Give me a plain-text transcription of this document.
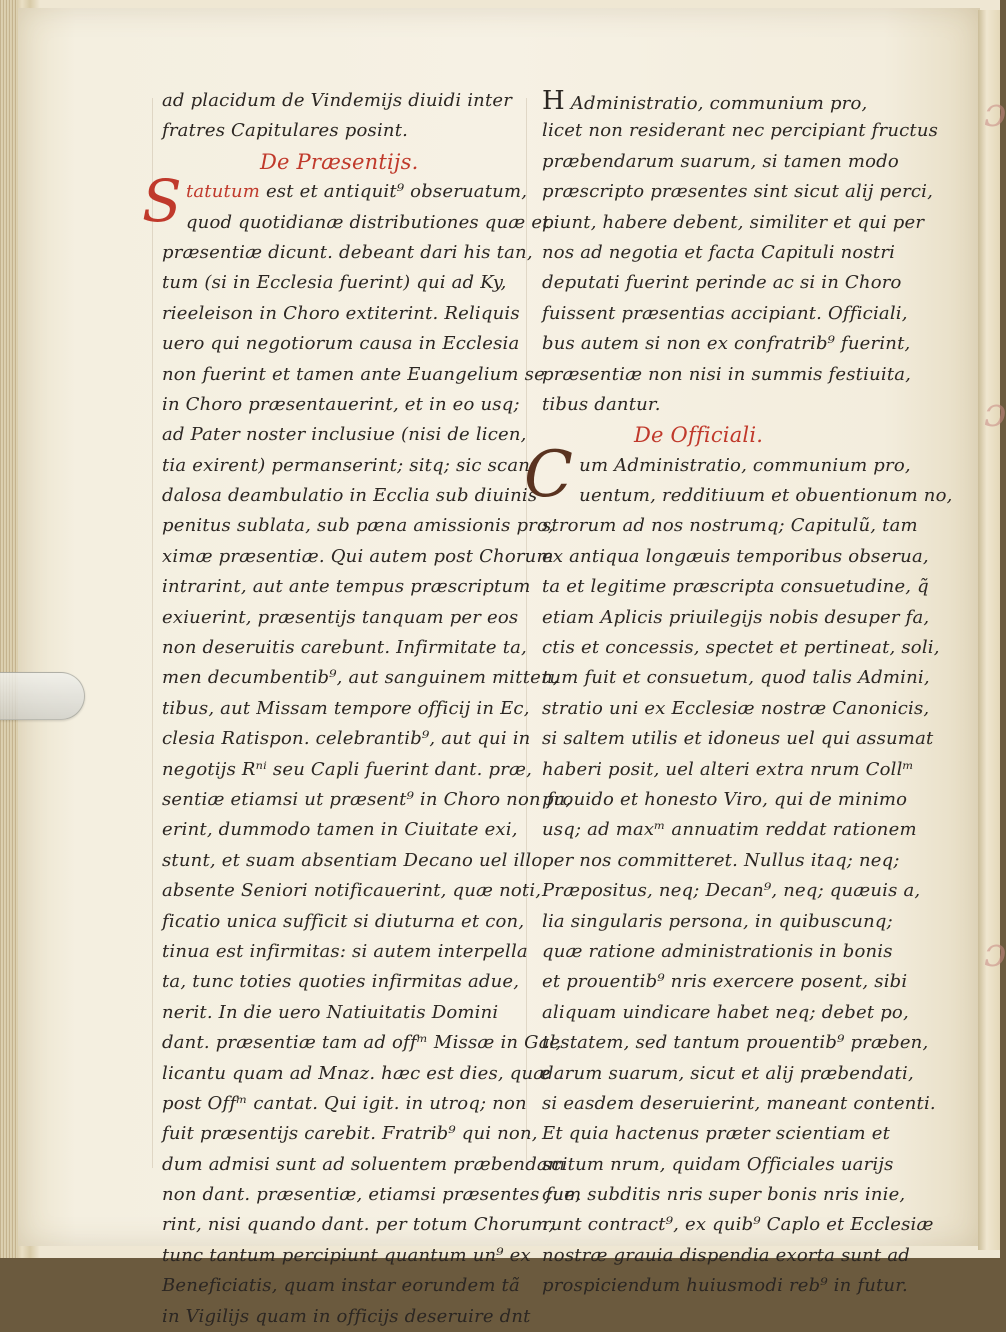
ɔ
ɔ
ɔ
ad placidum de Vindemijs diuidi inter
fratres Capitulares posint.
De Præsentijs.
Statutum est et antiquit⁹ obseruatum,
quod quotidianæ distributiones quæ et
præsentiæ dicunt. debeant dari his tan,
tum (si in Ecclesia fuerint) qui ad Ky,
rieeleison in Choro extiterint. Reliquis
uero qui negotiorum causa in Ecclesia
non fuerint et tamen ante Euangelium se
in Choro præsentauerint, et in eo usq;
ad Pater noster inclusiue (nisi de licen,
tia exirent) permanserint; sitq; sic scan,
dalosa deambulatio in Ecclia sub diuinis
penitus sublata, sub pæna amissionis pro,
ximæ præsentiæ. Qui autem post Chorum
intrarint, aut ante tempus præscriptum
exiuerint, præsentijs tanquam per eos
non deseruitis carebunt. Infirmitate ta,
men decumbentib⁹, aut sanguinem mitten,
tibus, aut Missam tempore officij in Ec,
clesia Ratispon. celebrantib⁹, aut qui in
negotijs Rⁿⁱ seu Capli fuerint dant. præ,
sentiæ etiamsi ut præsent⁹ in Choro non fu,
erint, dummodo tamen in Ciuitate exi,
stunt, et suam absentiam Decano uel illo
absente Seniori notificauerint, quæ noti,
ficatio unica sufficit si diuturna et con,
tinua est infirmitas: si autem interpella
ta, tunc toties quoties infirmitas adue,
nerit. In die uero Natiuitatis Domini
dant. præsentiæ tam ad offᵐ Missæ in Gal,
licantu quam ad Mnaz. hæc est dies, quæ
post Offᵐ cantat. Qui igit. in utroq; non
fuit præsentijs carebit. Fratrib⁹ qui non,
dum admisi sunt ad soluentem præbendam
non dant. præsentiæ, etiamsi præsentes fue,
rint, nisi quando dant. per totum Chorum,
tunc tantum percipiunt quantum un⁹ ex
Beneficiatis, quam instar eorundem tã
in Vigilijs quam in officijs deseruire dnt
H Administratio, communium pro,
licet non residerant nec percipiant fructus
præbendarum suarum, si tamen modo
præscripto præsentes sint sicut alij perci,
piunt, habere debent, similiter et qui per
nos ad negotia et facta Capituli nostri
deputati fuerint perinde ac si in Choro
fuissent præsentias accipiant. Officiali,
bus autem si non ex confratrib⁹ fuerint,
præsentiæ non nisi in summis festiuita,
tibus dantur.
De Officiali.
Cum Administratio, communium pro,
uentum, redditiuum et obuentionum no,
strorum ad nos nostrumq; Capitulũ, tam
ex antiqua longæuis temporibus obserua,
ta et legitime præscripta consuetudine, q̃
etiam Aplicis priuilegijs nobis desuper fa,
ctis et concessis, spectet et pertineat, soli,
tum fuit et consuetum, quod talis Admini,
stratio uni ex Ecclesiæ nostræ Canonicis,
si saltem utilis et idoneus uel qui assumat
haberi posit, uel alteri extra nrum Collᵐ
prouido et honesto Viro, qui de minimo
usq; ad maxᵐ annuatim reddat rationem
per nos committeret. Nullus itaq; neq;
Præpositus, neq; Decan⁹, neq; quæuis a,
lia singularis persona, in quibuscunq;
quæ ratione administrationis in bonis
et prouentib⁹ nris exercere posent, sibi
aliquam uindicare habet neq; debet po,
testatem, sed tantum prouentib⁹ præben,
darum suarum, sicut et alij præbendati,
si easdem deseruierint, maneant contenti.
Et quia hactenus præter scientiam et
scitum nrum, quidam Officiales uarijs
cum subditis nris super bonis nris inie,
runt contract⁹, ex quib⁹ Caplo et Ecclesiæ
nostræ grauia dispendia exorta sunt ad
prospiciendum huiusmodi reb⁹ in futur.
